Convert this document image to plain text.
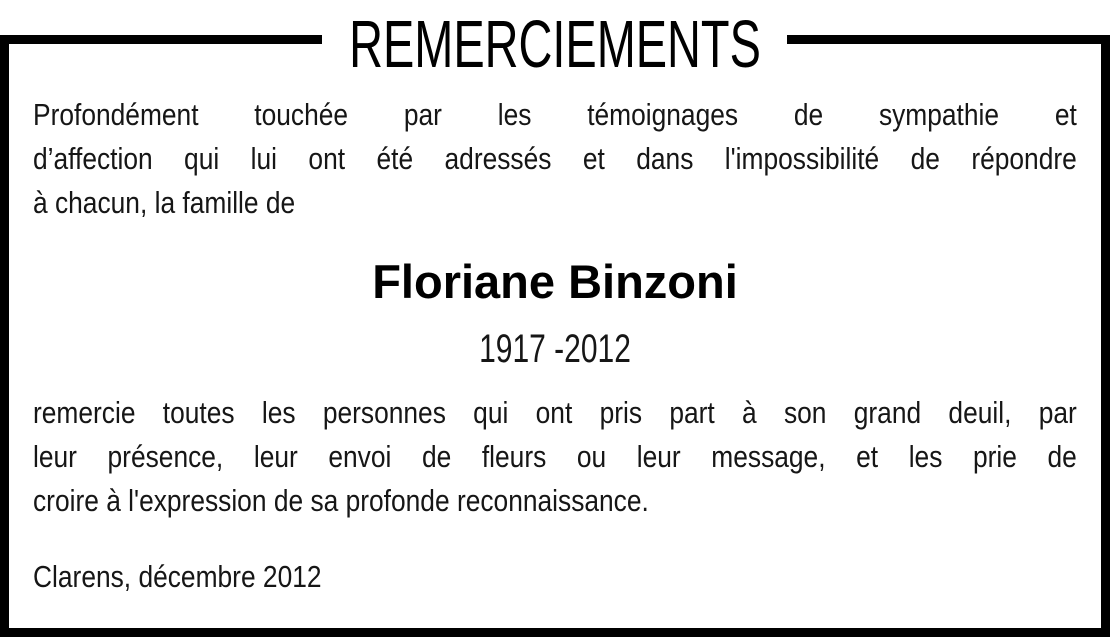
REMERCIEMENTS
Profondément touchée par les témoignages de sympathie et
d’affection qui lui ont été adressés et dans l'impossibilité de répondre
à chacun, la famille de
Floriane Binzoni
1917 -2012
remercie toutes les personnes qui ont pris part à son grand deuil, par
leur présence, leur envoi de fleurs ou leur message, et les prie de
croire à l'expression de sa profonde reconnaissance.
Clarens, décembre 2012
